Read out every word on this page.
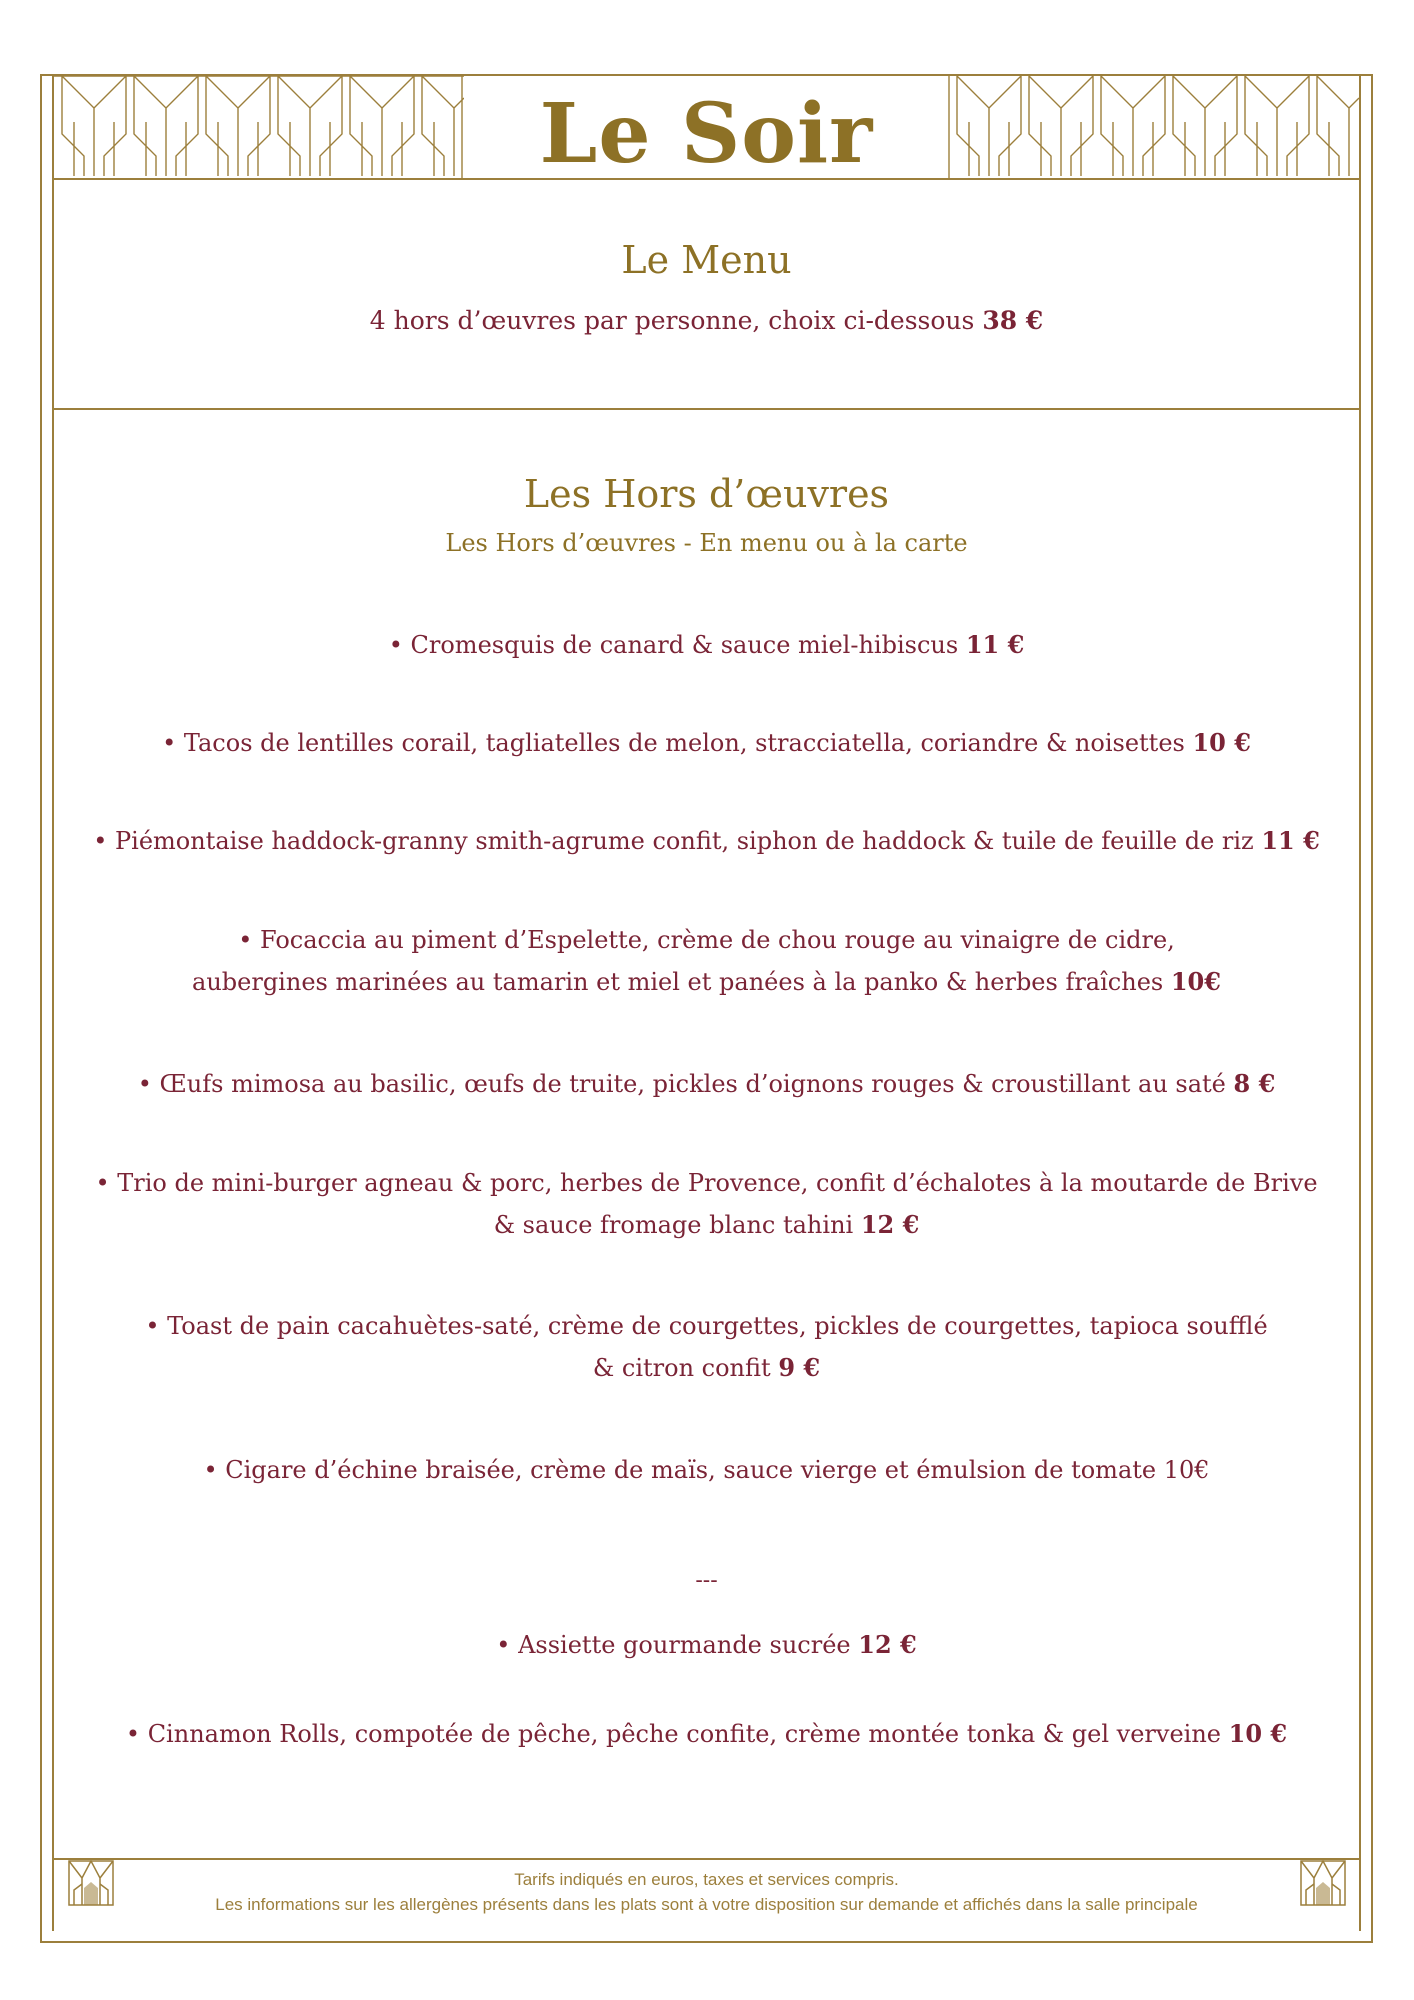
Le Soir
Le Menu
4 hors d’œuvres par personne, choix ci-dessous 38 €
Les Hors d’œuvres
Les Hors d’œuvres - En menu ou à la carte
• Cromesquis de canard & sauce miel-hibiscus 11 €
• Tacos de lentilles corail, tagliatelles de melon, stracciatella, coriandre & noisettes 10 €
• Piémontaise haddock-granny smith-agrume confit, siphon de haddock & tuile de feuille de riz 11 €
• Focaccia au piment d’Espelette, crème de chou rouge au vinaigre de cidre,
aubergines marinées au tamarin et miel et panées à la panko & herbes fraîches 10€
• Œufs mimosa au basilic, œufs de truite, pickles d’oignons rouges & croustillant au saté 8 €
• Trio de mini-burger agneau & porc, herbes de Provence, confit d’échalotes à la moutarde de Brive
& sauce fromage blanc tahini 12 €
• Toast de pain cacahuètes-saté, crème de courgettes, pickles de courgettes, tapioca soufflé
& citron confit 9 €
• Cigare d’échine braisée, crème de maïs, sauce vierge et émulsion de tomate 10€
---
• Assiette gourmande sucrée 12 €
• Cinnamon Rolls, compotée de pêche, pêche confite, crème montée tonka & gel verveine 10 €
Tarifs indiqués en euros, taxes et services compris.
Les informations sur les allergènes présents dans les plats sont à votre disposition sur demande et affichés dans la salle principale
